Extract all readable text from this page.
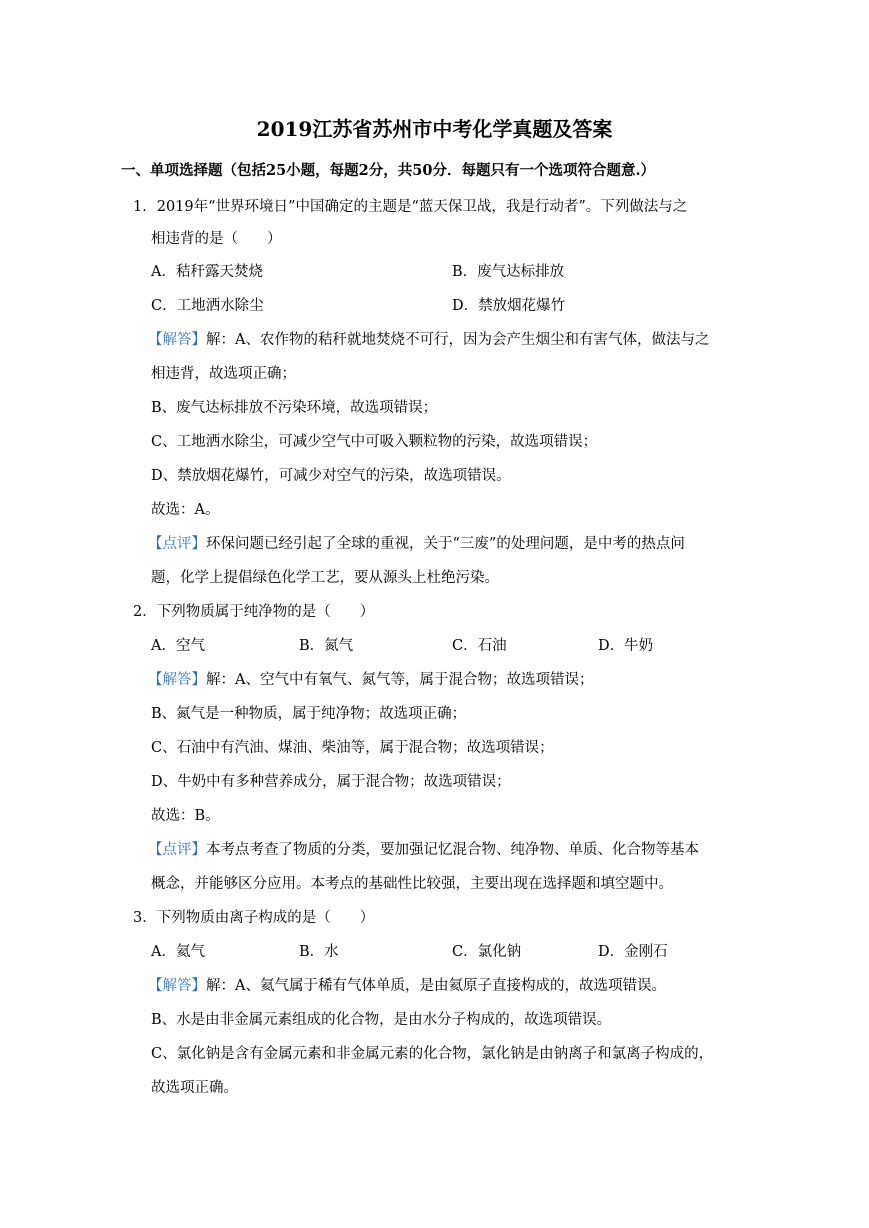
2019江苏省苏州市中考化学真题及答案
一、单项选择题（包括25小题，每题2分，共50分．每题只有一个选项符合题意.）
1．2019年“世界环境日”中国确定的主题是“蓝天保卫战，我是行动者”。下列做法与之
相违背的是（　　）
A．秸秆露天焚烧	B．废气达标排放
C．工地洒水除尘	D．禁放烟花爆竹
【解答】解：A、农作物的秸秆就地焚烧不可行，因为会产生烟尘和有害气体，做法与之
相违背，故选项正确；
B、废气达标排放不污染环境，故选项错误；
C、工地洒水除尘，可减少空气中可吸入颗粒物的污染，故选项错误；
D、禁放烟花爆竹，可减少对空气的污染，故选项错误。
故选：A。
【点评】环保问题已经引起了全球的重视，关于“三废”的处理问题，是中考的热点问
题，化学上提倡绿色化学工艺，要从源头上杜绝污染。
2．下列物质属于纯净物的是（　　）
A．空气	B．氮气	C．石油	D．牛奶
【解答】解：A、空气中有氧气、氮气等，属于混合物；故选项错误；
B、氮气是一种物质，属于纯净物；故选项正确；
C、石油中有汽油、煤油、柴油等，属于混合物；故选项错误；
D、牛奶中有多种营养成分，属于混合物；故选项错误；
故选：B。
【点评】本考点考查了物质的分类，要加强记忆混合物、纯净物、单质、化合物等基本
概念，并能够区分应用。本考点的基础性比较强，主要出现在选择题和填空题中。
3．下列物质由离子构成的是（　　）
A．氦气	B．水	C．氯化钠	D．金刚石
【解答】解：A、氦气属于稀有气体单质，是由氦原子直接构成的，故选项错误。
B、水是由非金属元素组成的化合物，是由水分子构成的，故选项错误。
C、氯化钠是含有金属元素和非金属元素的化合物，氯化钠是由钠离子和氯离子构成的，
故选项正确。
